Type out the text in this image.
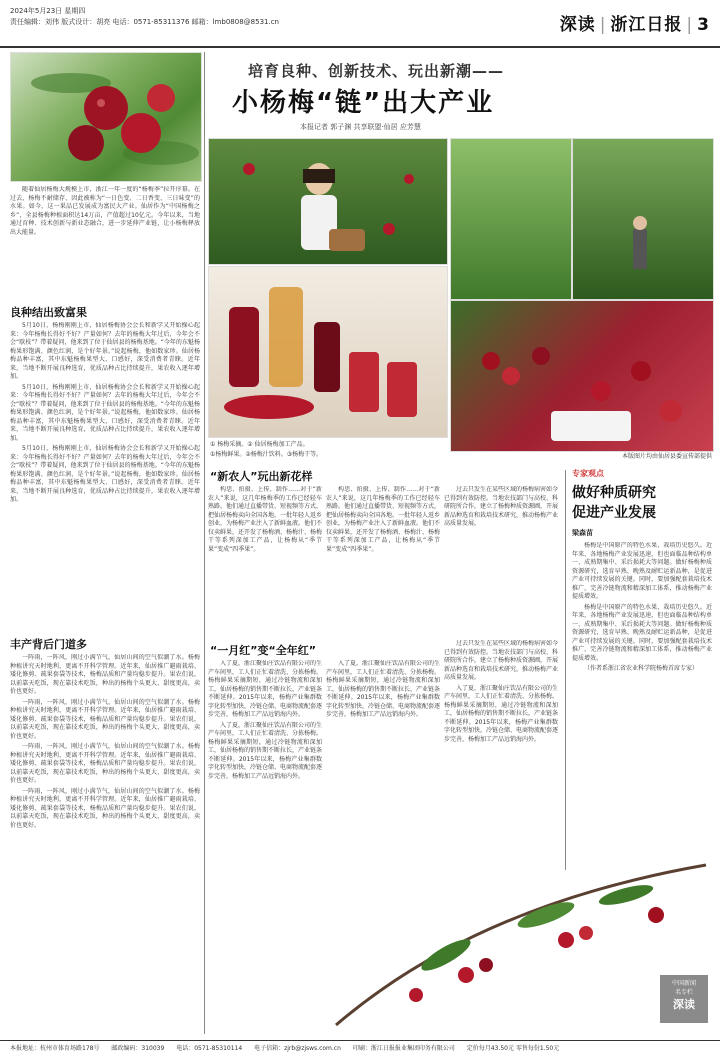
2024年5月23日 星期四
责任编辑：刘伟 版式设计：胡亮 电话：0571-85311376 邮箱：lmb0808@8531.cn	深读 | 浙江日报 | 3
培育良种、创新技术、玩出新潮——
小杨梅“链”出大产业
本报记者 郭子渊 共享联盟·仙居 应芳慧

随着仙居杨梅大规模上市，浙江一年一度的“杨梅季”拉开序幕。在过去，杨梅不耐储存，因此被称为“一日色变、二日香变、三日味变”的水果。如今，这一果品已发展成为富民大产业。仙居作为“中国杨梅之乡”，全县杨梅种植面积达14万亩，产值超过10亿元。今年以来，当地通过育种、技术创新与新业态融合，进一步延伸产业链，让小杨梅释放出大能量。

良种结出致富果

5月10日，杨梅刚刚上市，仙居杨梅协会会长和新学又开始操心起来：今年杨梅长得好不好？产量如何？去年的杨梅大年过后，今年会不会“歇枝”？带着疑问，他来到了位于仙居县的杨梅基地。“今年的东魁杨梅果形饱满、颜色红润，是个好年景。”说起杨梅，他如数家珍。仙居杨梅品种丰富，其中东魁杨梅果型大、口感好，深受消费者青睐。近年来，当地不断开展良种选育，优质品种占比持续提升，果农收入逐年增加。

5月10日，杨梅刚刚上市，仙居杨梅协会会长和新学又开始操心起来：今年杨梅长得好不好？产量如何？去年的杨梅大年过后，今年会不会“歇枝”？带着疑问，他来到了位于仙居县的杨梅基地。“今年的东魁杨梅果形饱满、颜色红润，是个好年景。”说起杨梅，他如数家珍。仙居杨梅品种丰富，其中东魁杨梅果型大、口感好，深受消费者青睐。近年来，当地不断开展良种选育，优质品种占比持续提升，果农收入逐年增加。

5月10日，杨梅刚刚上市，仙居杨梅协会会长和新学又开始操心起来：今年杨梅长得好不好？产量如何？去年的杨梅大年过后，今年会不会“歇枝”？带着疑问，他来到了位于仙居县的杨梅基地。“今年的东魁杨梅果形饱满、颜色红润，是个好年景。”说起杨梅，他如数家珍。仙居杨梅品种丰富，其中东魁杨梅果型大、口感好，深受消费者青睐。近年来，当地不断开展良种选育，优质品种占比持续提升，果农收入逐年增加。

丰产背后门道多

一阵雨，一阵风，刚过小满节气，仙居山间的空气似潮了水。杨梅种植讲究天时地利，更离不开科学管理。近年来，仙居推广避雨栽培、矮化修剪、疏果套袋等技术，杨梅品质和产量均稳步提升。果农们说，以前靠天吃饭，现在靠技术吃饭，种出的杨梅个头更大、甜度更高，卖价也更好。

一阵雨，一阵风，刚过小满节气，仙居山间的空气似潮了水。杨梅种植讲究天时地利，更离不开科学管理。近年来，仙居推广避雨栽培、矮化修剪、疏果套袋等技术，杨梅品质和产量均稳步提升。果农们说，以前靠天吃饭，现在靠技术吃饭，种出的杨梅个头更大、甜度更高，卖价也更好。

一阵雨，一阵风，刚过小满节气，仙居山间的空气似潮了水。杨梅种植讲究天时地利，更离不开科学管理。近年来，仙居推广避雨栽培、矮化修剪、疏果套袋等技术，杨梅品质和产量均稳步提升。果农们说，以前靠天吃饭，现在靠技术吃饭，种出的杨梅个头更大、甜度更高，卖价也更好。

一阵雨，一阵风，刚过小满节气，仙居山间的空气似潮了水。杨梅种植讲究天时地利，更离不开科学管理。近年来，仙居推广避雨栽培、矮化修剪、疏果套袋等技术，杨梅品质和产量均稳步提升。果农们说，以前靠天吃饭，现在靠技术吃饭，种出的杨梅个头更大、甜度更高，卖价也更好。

① 杨梅采摘。② 仙居杨梅加工产品。
①杨梅鲜果。②杨梅汁饮料。③杨梅干等。	本版图片均由仙居县委宣传部提供
“新农人”玩出新花样

构思、拍摄、上传、制作……对于“新农人”来说，这几年杨梅季的工作已经轻车熟路。他们通过直播带货、短视频等方式，把仙居杨梅卖向全国各地。一批年轻人返乡创业，为杨梅产业注入了新鲜血液。他们不仅卖鲜果，还开发了杨梅酒、杨梅汁、杨梅干等系列深加工产品，让杨梅从“季节果”变成“四季果”。

构思、拍摄、上传、制作……对于“新农人”来说，这几年杨梅季的工作已经轻车熟路。他们通过直播带货、短视频等方式，把仙居杨梅卖向全国各地。一批年轻人返乡创业，为杨梅产业注入了新鲜血液。他们不仅卖鲜果，还开发了杨梅酒、杨梅汁、杨梅干等系列深加工产品，让杨梅从“季节果”变成“四季果”。

过去只发生在某些区域的杨梅病害如今已得到有效防控。当地农技部门与高校、科研院所合作，建立了杨梅种质资源圃，开展新品种选育和栽培技术研究，推动杨梅产业高质量发展。

“一月红”变“全年红”

入了夏，浙江聚仙庄饮品有限公司的生产车间里，工人们正忙着清洗、分拣杨梅。杨梅鲜果采摘期短，通过冷链物流和深加工，仙居杨梅的销售期不断拉长，产业链条不断延伸。2015年以来，杨梅产业集群数字化转型加快，冷链仓储、电商物流配套逐步完善，杨梅加工产品远销海内外。

入了夏，浙江聚仙庄饮品有限公司的生产车间里，工人们正忙着清洗、分拣杨梅。杨梅鲜果采摘期短，通过冷链物流和深加工，仙居杨梅的销售期不断拉长，产业链条不断延伸。2015年以来，杨梅产业集群数字化转型加快，冷链仓储、电商物流配套逐步完善，杨梅加工产品远销海内外。

入了夏，浙江聚仙庄饮品有限公司的生产车间里，工人们正忙着清洗、分拣杨梅。杨梅鲜果采摘期短，通过冷链物流和深加工，仙居杨梅的销售期不断拉长，产业链条不断延伸。2015年以来，杨梅产业集群数字化转型加快，冷链仓储、电商物流配套逐步完善，杨梅加工产品远销海内外。

过去只发生在某些区域的杨梅病害如今已得到有效防控。当地农技部门与高校、科研院所合作，建立了杨梅种质资源圃，开展新品种选育和栽培技术研究，推动杨梅产业高质量发展。

入了夏，浙江聚仙庄饮品有限公司的生产车间里，工人们正忙着清洗、分拣杨梅。杨梅鲜果采摘期短，通过冷链物流和深加工，仙居杨梅的销售期不断拉长，产业链条不断延伸。2015年以来，杨梅产业集群数字化转型加快，冷链仓储、电商物流配套逐步完善，杨梅加工产品远销海内外。

专家观点
做好种质研究
促进产业发展
梁森苗

杨梅是中国原产的特色水果，栽培历史悠久。近年来，各地杨梅产业发展迅速，但也面临品种结构单一、成熟期集中、采后损耗大等问题。做好杨梅种质资源研究，选育早熟、晚熟及耐贮运新品种，是促进产业可持续发展的关键。同时，要加强配套栽培技术推广，完善冷链物流和精深加工体系，推动杨梅产业提质增效。

杨梅是中国原产的特色水果，栽培历史悠久。近年来，各地杨梅产业发展迅速，但也面临品种结构单一、成熟期集中、采后损耗大等问题。做好杨梅种质资源研究，选育早熟、晚熟及耐贮运新品种，是促进产业可持续发展的关键。同时，要加强配套栽培技术推广，完善冷链物流和精深加工体系，推动杨梅产业提质增效。

（作者系浙江省农业科学院杨梅首席专家）

中国新闻
名专栏
深读
本报地址：杭州市体育场路178号 邮政编码：310039 电话：0571-85310114 电子信箱：zjrb@zjsws.com.cn 印刷：浙江日报报业集团印务有限公司 定价每月43.50元 零售每份1.50元
